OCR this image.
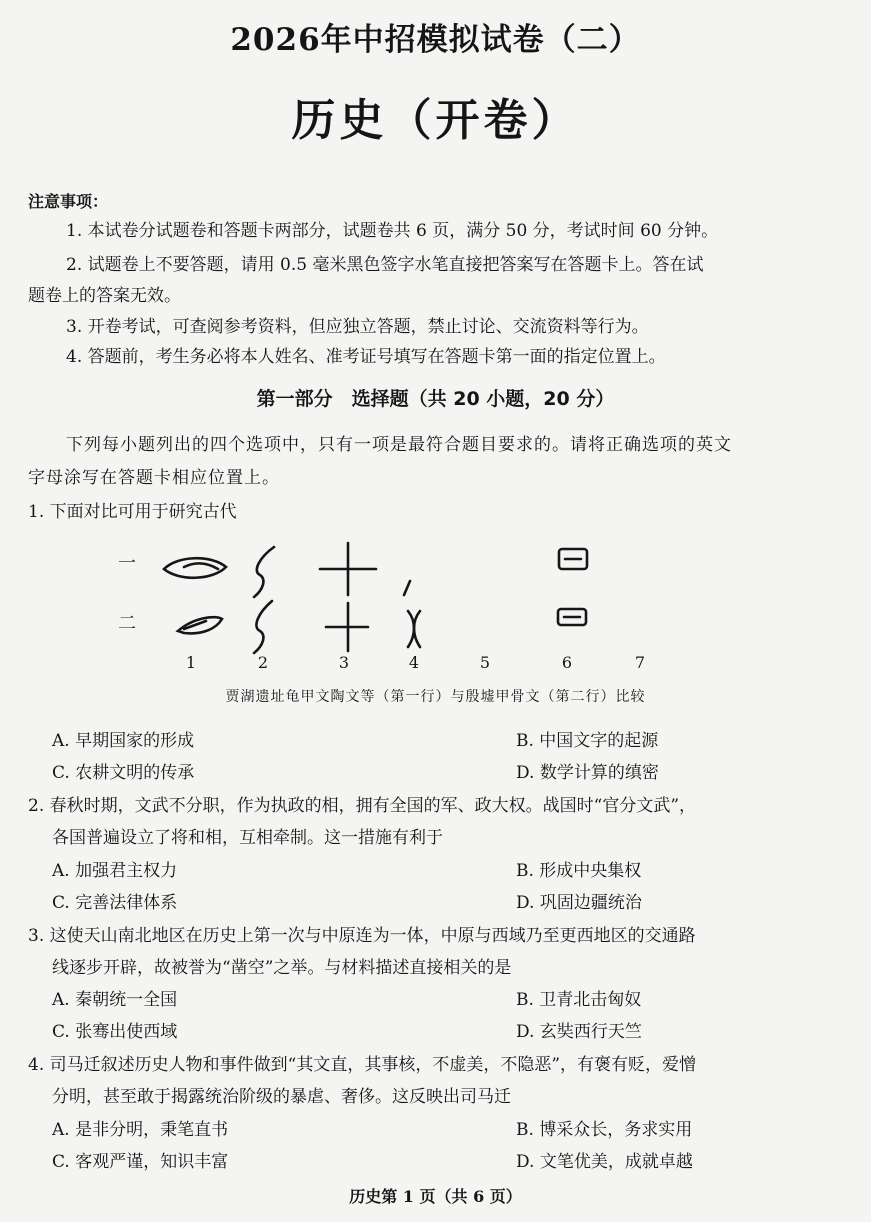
2026年中招模拟试卷（二）
历史（开卷）
注意事项：
1. 本试卷分试题卷和答题卡两部分，试题卷共 6 页，满分 50 分，考试时间 60 分钟。
2. 试题卷上不要答题，请用 0.5 毫米黑色签字水笔直接把答案写在答题卡上。答在试
题卷上的答案无效。
3. 开卷考试，可查阅参考资料，但应独立答题，禁止讨论、交流资料等行为。
4. 答题前，考生务必将本人姓名、准考证号填写在答题卡第一面的指定位置上。
第一部分　选择题（共 20 小题，20 分）
下列每小题列出的四个选项中，只有一项是最符合题目要求的。请将正确选项的英文
字母涂写在答题卡相应位置上。
1. 下面对比可用于研究古代
一
二
1	2	3	4	5	6	7
贾湖遗址龟甲文陶文等（第一行）与殷墟甲骨文（第二行）比较
A. 早期国家的形成	B. 中国文字的起源
C. 农耕文明的传承	D. 数学计算的缜密
2. 春秋时期，文武不分职，作为执政的相，拥有全国的军、政大权。战国时“官分文武”，
各国普遍设立了将和相，互相牵制。这一措施有利于
A. 加强君主权力	B. 形成中央集权
C. 完善法律体系	D. 巩固边疆统治
3. 这使天山南北地区在历史上第一次与中原连为一体，中原与西域乃至更西地区的交通路
线逐步开辟，故被誉为“凿空”之举。与材料描述直接相关的是
A. 秦朝统一全国	B. 卫青北击匈奴
C. 张骞出使西域	D. 玄奘西行天竺
4. 司马迁叙述历史人物和事件做到“其文直，其事核，不虚美，不隐恶”，有褒有贬，爱憎
分明，甚至敢于揭露统治阶级的暴虐、奢侈。这反映出司马迁
A. 是非分明，秉笔直书	B. 博采众长，务求实用
C. 客观严谨，知识丰富	D. 文笔优美，成就卓越
历史第 1 页（共 6 页）
